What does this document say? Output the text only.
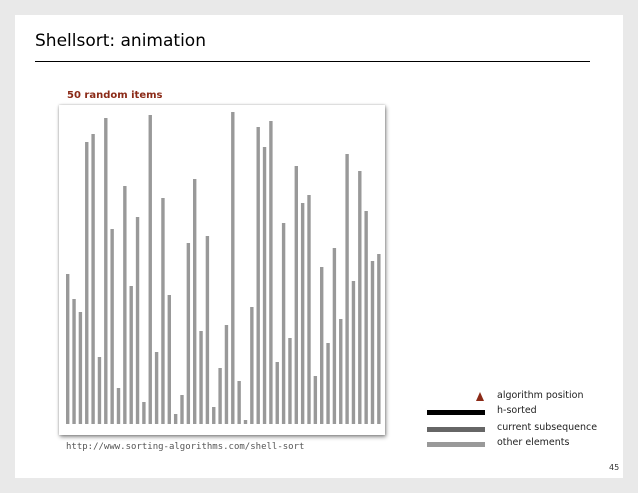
Shellsort: animation
50 random items
http://www.sorting-algorithms.com/shell-sort
algorithm position
h-sorted
current subsequence
other elements
45
